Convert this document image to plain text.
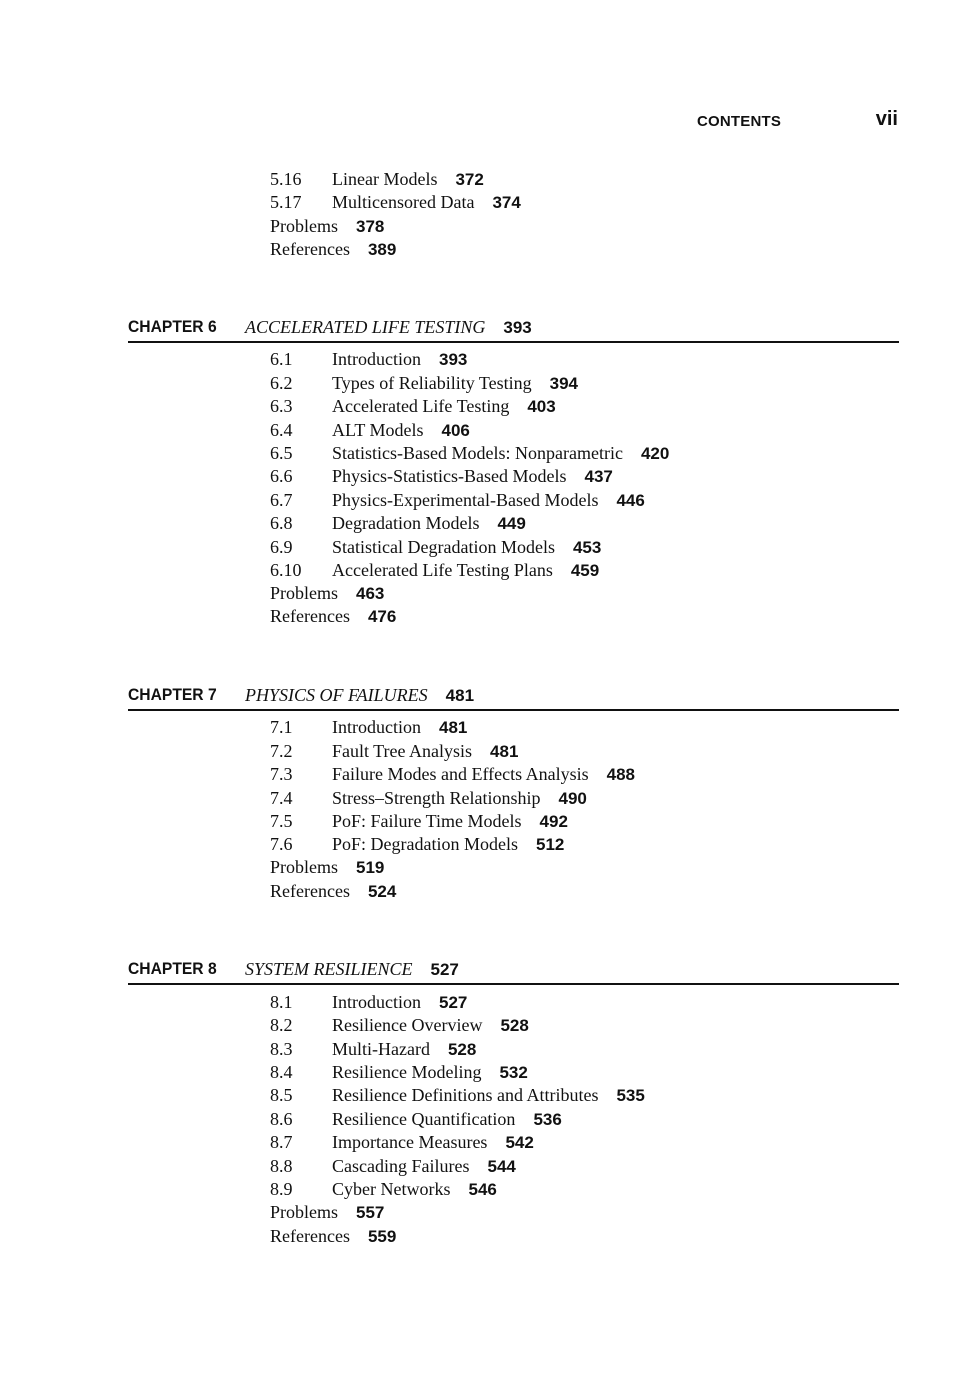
CONTENTS	vii
5.16 Linear Models 372
5.17 Multicensored Data 374
Problems 378
References 389
CHAPTER 6 ACCELERATED LIFE TESTING 393
6.1 Introduction 393
6.2 Types of Reliability Testing 394
6.3 Accelerated Life Testing 403
6.4 ALT Models 406
6.5 Statistics-Based Models: Nonparametric 420
6.6 Physics-Statistics-Based Models 437
6.7 Physics-Experimental-Based Models 446
6.8 Degradation Models 449
6.9 Statistical Degradation Models 453
6.10 Accelerated Life Testing Plans 459
Problems 463
References 476
CHAPTER 7 PHYSICS OF FAILURES 481
7.1 Introduction 481
7.2 Fault Tree Analysis 481
7.3 Failure Modes and Effects Analysis 488
7.4 Stress–Strength Relationship 490
7.5 PoF: Failure Time Models 492
7.6 PoF: Degradation Models 512
Problems 519
References 524
CHAPTER 8 SYSTEM RESILIENCE 527
8.1 Introduction 527
8.2 Resilience Overview 528
8.3 Multi-Hazard 528
8.4 Resilience Modeling 532
8.5 Resilience Definitions and Attributes 535
8.6 Resilience Quantification 536
8.7 Importance Measures 542
8.8 Cascading Failures 544
8.9 Cyber Networks 546
Problems 557
References 559
